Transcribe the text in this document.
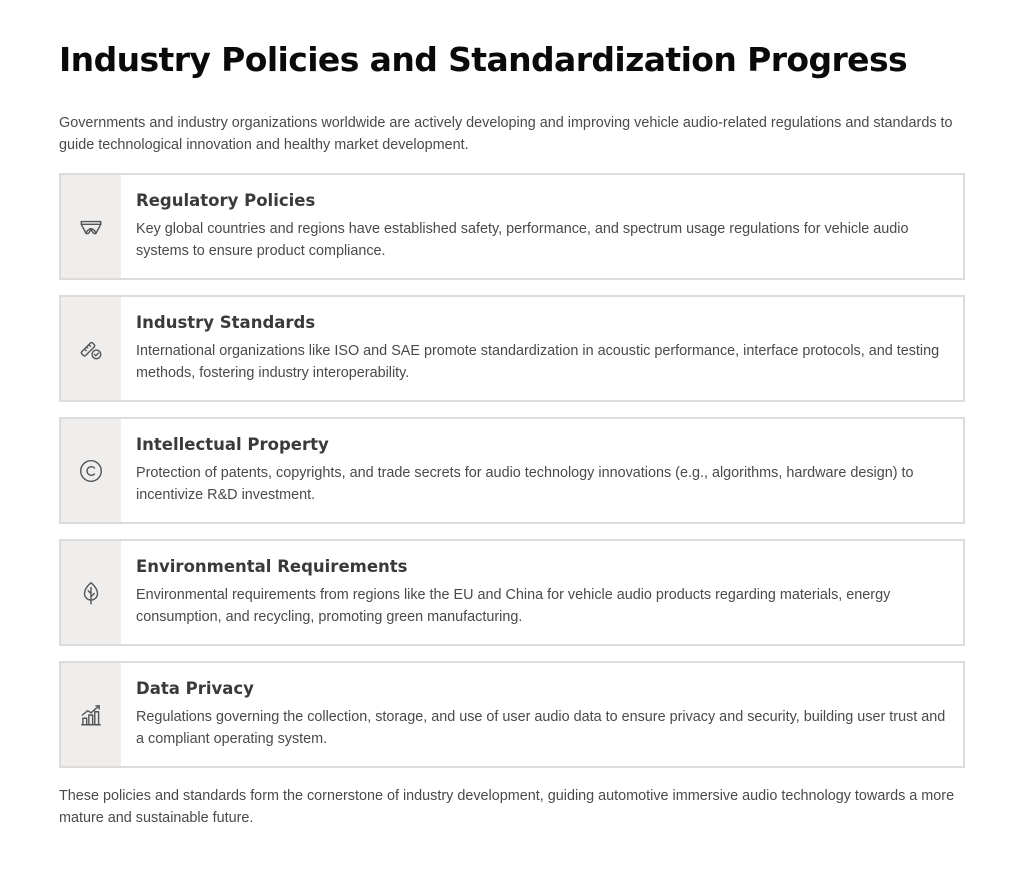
Industry Policies and Standardization Progress

Governments and industry organizations worldwide are actively developing and improving vehicle audio-related regulations and standards to guide technological innovation and healthy market development.

Regulatory Policies
Key global countries and regions have established safety, performance, and spectrum usage regulations for vehicle audio systems to ensure product compliance.
Industry Standards
International organizations like ISO and SAE promote standardization in acoustic performance, interface protocols, and testing methods, fostering industry interoperability.
Intellectual Property
Protection of patents, copyrights, and trade secrets for audio technology innovations (e.g., algorithms, hardware design) to incentivize R&D investment.
Environmental Requirements
Environmental requirements from regions like the EU and China for vehicle audio products regarding materials, energy consumption, and recycling, promoting green manufacturing.
Data Privacy
Regulations governing the collection, storage, and use of user audio data to ensure privacy and security, building user trust and a compliant operating system.

These policies and standards form the cornerstone of industry development, guiding automotive immersive audio technology towards a more mature and sustainable future.
